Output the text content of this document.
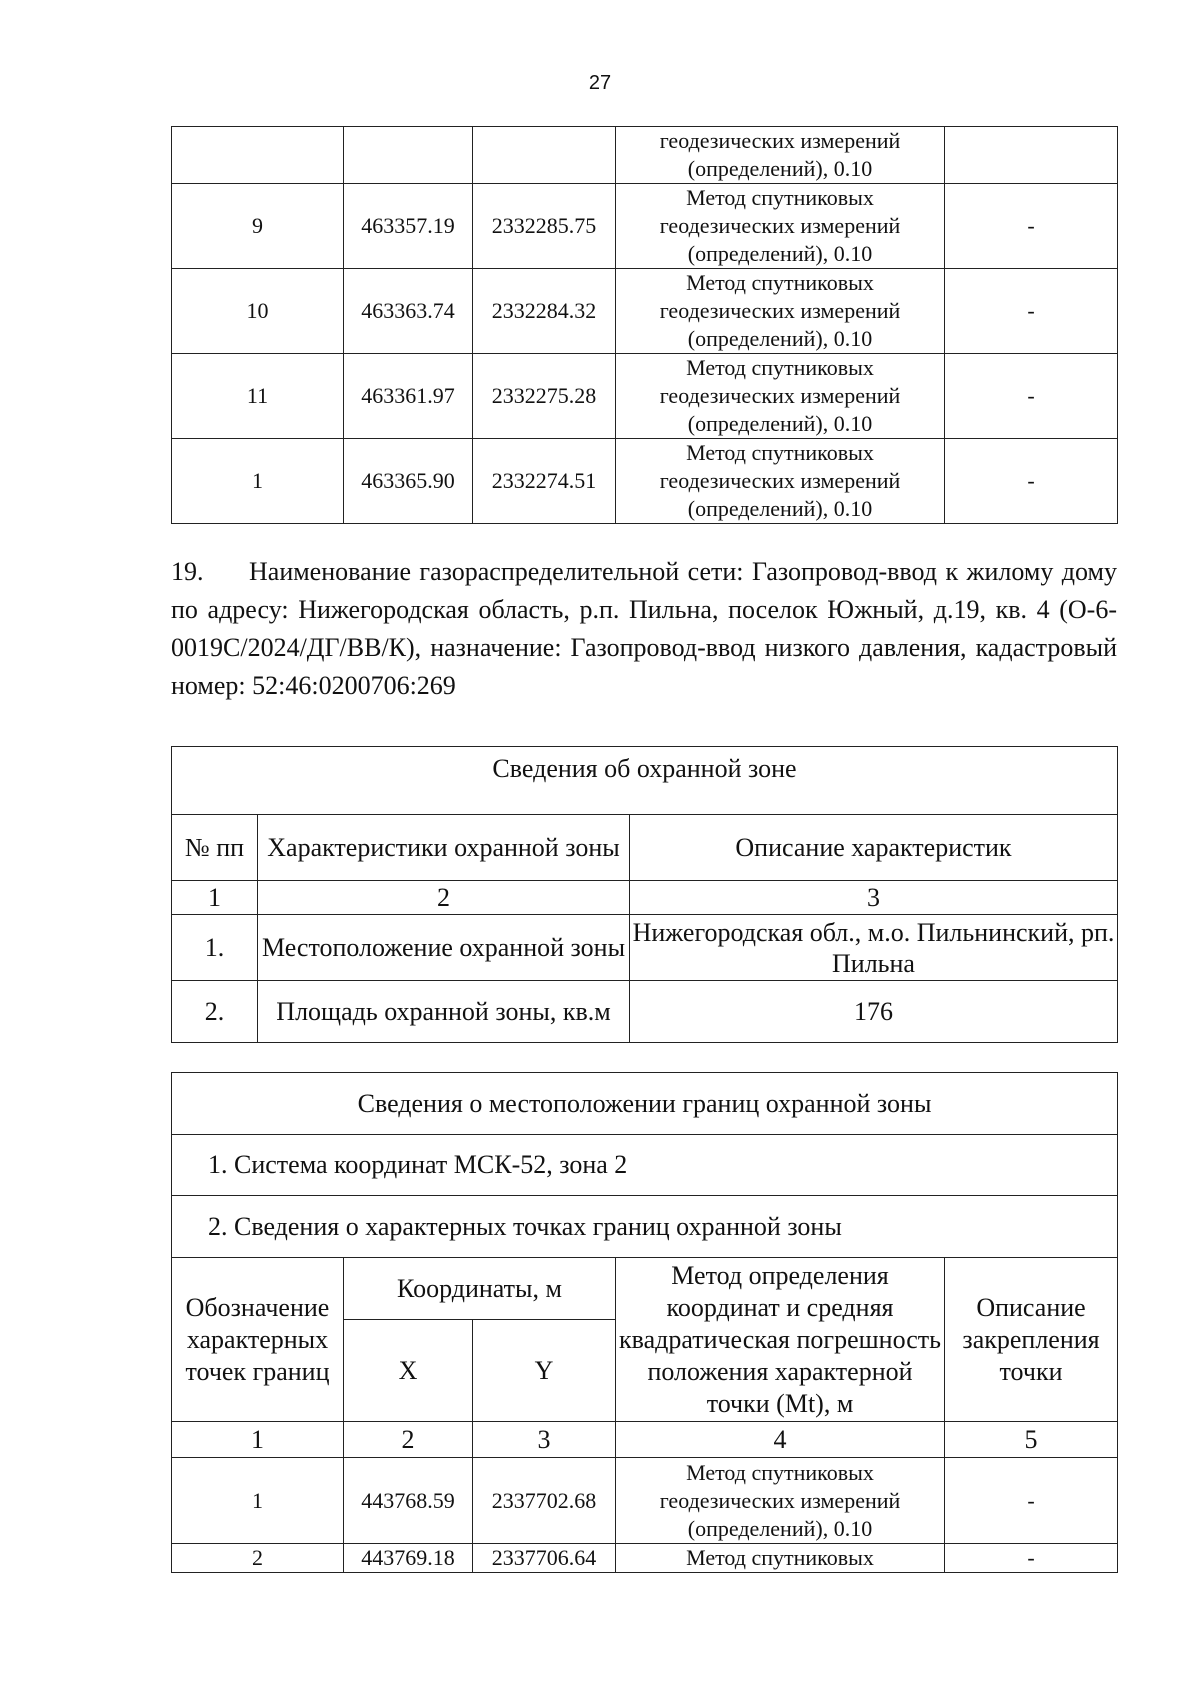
27

			геодезических измерений
(определений), 0.10	

9	463357.19	2332285.75	Метод спутниковых
геодезических измерений
(определений), 0.10	-
10	463363.74	2332284.32	Метод спутниковых
геодезических измерений
(определений), 0.10	-
11	463361.97	2332275.28	Метод спутниковых
геодезических измерений
(определений), 0.10	-
1	463365.90	2332274.51	Метод спутниковых
геодезических измерений
(определений), 0.10	-

19. Наименование газораспределительной сети: Газопровод-ввод к жилому дому по адресу: Нижегородская область, р.п. Пильна, поселок Южный, д.19, кв. 4 (О-6-0019С/2024/ДГ/ВВ/К), назначение: Газопровод-ввод низкого давления, кадастровый номер: 52:46:0200706:269

Сведения об охранной зоне		
№ пп	Характеристики охранной зоны	Описание характеристик
1	2	3
1.	Местоположение охранной зоны	Нижегородская обл., м.о. Пильнинский, рп. Пильна
2.	Площадь охранной зоны, кв.м	176
Сведения о местоположении границ охранной зоны				
1. Система координат МСК-52, зона 2				
2. Сведения о характерных точках границ охранной зоны				
Обозначение характерных точек границ	Координаты, м		Метод определения координат и средняя квадратическая погрешность положения характерной точки (Мt), м	Описание закрепления точки
	X	Y		
1	2	3	4	5
1	443768.59	2337702.68	Метод спутниковых
геодезических измерений
(определений), 0.10	-
2	443769.18	2337706.64	Метод спутниковых	-
